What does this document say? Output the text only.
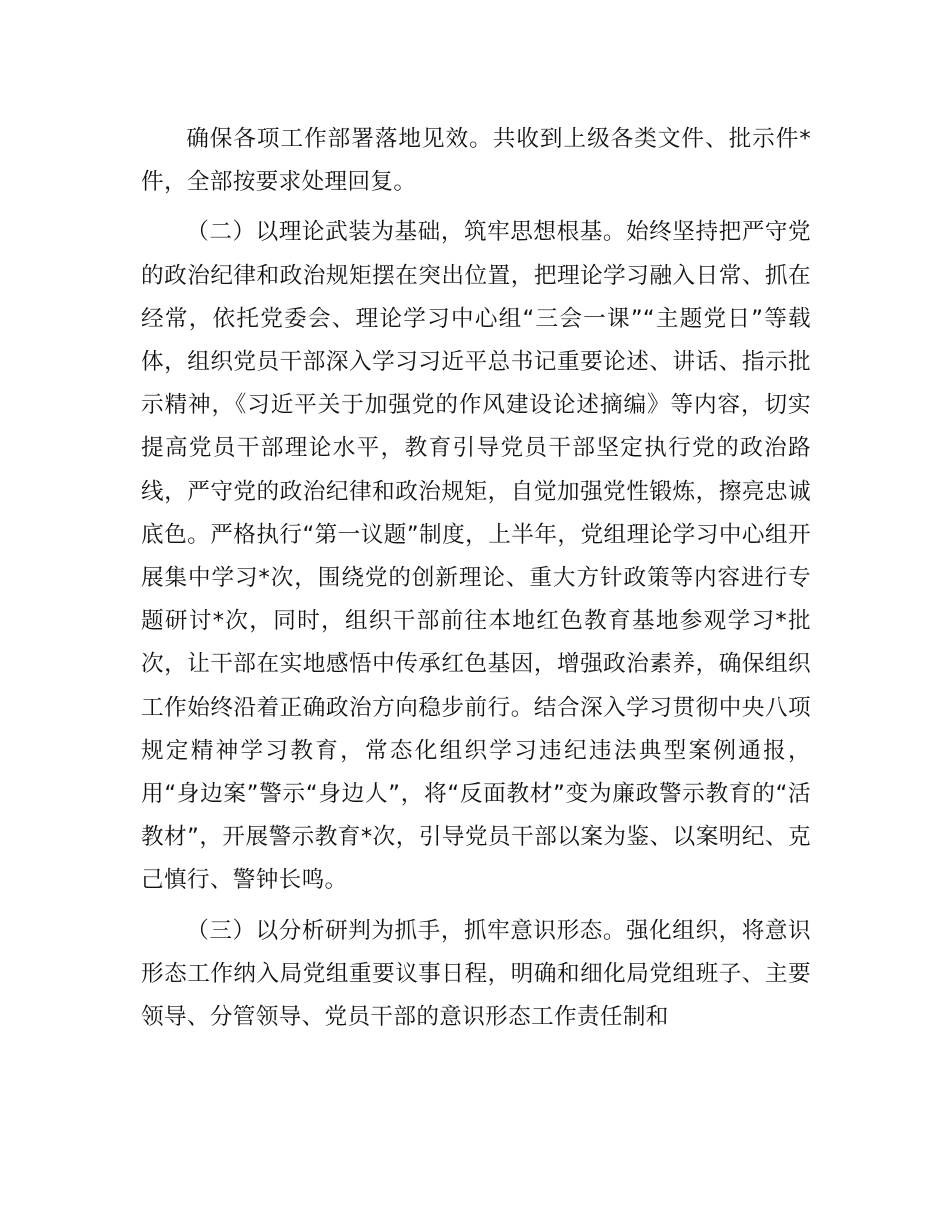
确保各项工作部署落地见效。共收到上级各类文件、批示件*件，全部按要求处理回复。

（二）以理论武装为基础，筑牢思想根基。始终坚持把严守党的政治纪律和政治规矩摆在突出位置，把理论学习融入日常、抓在经常，依托党委会、理论学习中心组“三会一课”“主题党日”等载体，组织党员干部深入学习习近平总书记重要论述、讲话、指示批示精神，《习近平关于加强党的作风建设论述摘编》等内容，切实提高党员干部理论水平，教育引导党员干部坚定执行党的政治路线，严守党的政治纪律和政治规矩，自觉加强党性锻炼，擦亮忠诚底色。严格执行“第一议题”制度，上半年，党组理论学习中心组开展集中学习*次，围绕党的创新理论、重大方针政策等内容进行专题研讨*次，同时，组织干部前往本地红色教育基地参观学习*批次，让干部在实地感悟中传承红色基因，增强政治素养，确保组织工作始终沿着正确政治方向稳步前行。结合深入学习贯彻中央八项规定精神学习教育，常态化组织学习违纪违法典型案例通报，用“身边案”警示“身边人”，将“反面教材”变为廉政警示教育的“活教材”，开展警示教育*次，引导党员干部以案为鉴、以案明纪、克己慎行、警钟长鸣。

（三）以分析研判为抓手，抓牢意识形态。强化组织，将意识形态工作纳入局党组重要议事日程，明确和细化局党组班子、主要领导、分管领导、党员干部的意识形态工作责任制和
